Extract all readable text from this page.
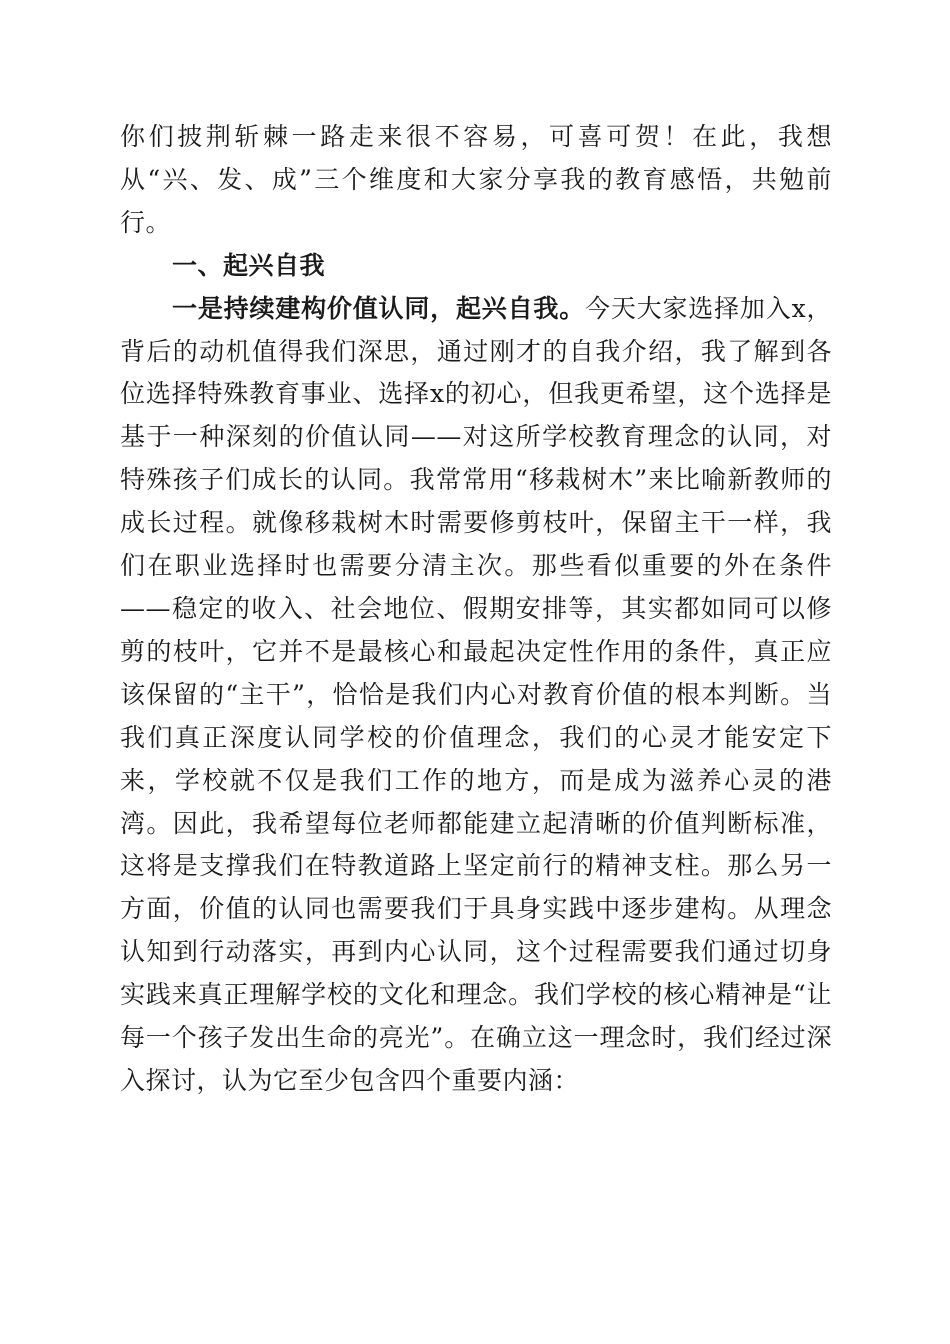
你们披荆斩棘一路走来很不容易，可喜可贺！在此，我想从“兴、发、成”三个维度和大家分享我的教育感悟，共勉前行。

一、起兴自我

一是持续建构价值认同，起兴自我。今天大家选择加入x，背后的动机值得我们深思，通过刚才的自我介绍，我了解到各位选择特殊教育事业、选择x的初心，但我更希望，这个选择是基于一种深刻的价值认同——对这所学校教育理念的认同，对特殊孩子们成长的认同。我常常用“移栽树木”来比喻新教师的成长过程。就像移栽树木时需要修剪枝叶，保留主干一样，我们在职业选择时也需要分清主次。那些看似重要的外在条件——稳定的收入、社会地位、假期安排等，其实都如同可以修剪的枝叶，它并不是最核心和最起决定性作用的条件，真正应该保留的“主干”，恰恰是我们内心对教育价值的根本判断。当我们真正深度认同学校的价值理念，我们的心灵才能安定下来，学校就不仅是我们工作的地方，而是成为滋养心灵的港湾。因此，我希望每位老师都能建立起清晰的价值判断标准，这将是支撑我们在特教道路上坚定前行的精神支柱。那么另一方面，价值的认同也需要我们于具身实践中逐步建构。从理念认知到行动落实，再到内心认同，这个过程需要我们通过切身实践来真正理解学校的文化和理念。我们学校的核心精神是“让每一个孩子发出生命的亮光”。在确立这一理念时，我们经过深入探讨，认为它至少包含四个重要内涵：
